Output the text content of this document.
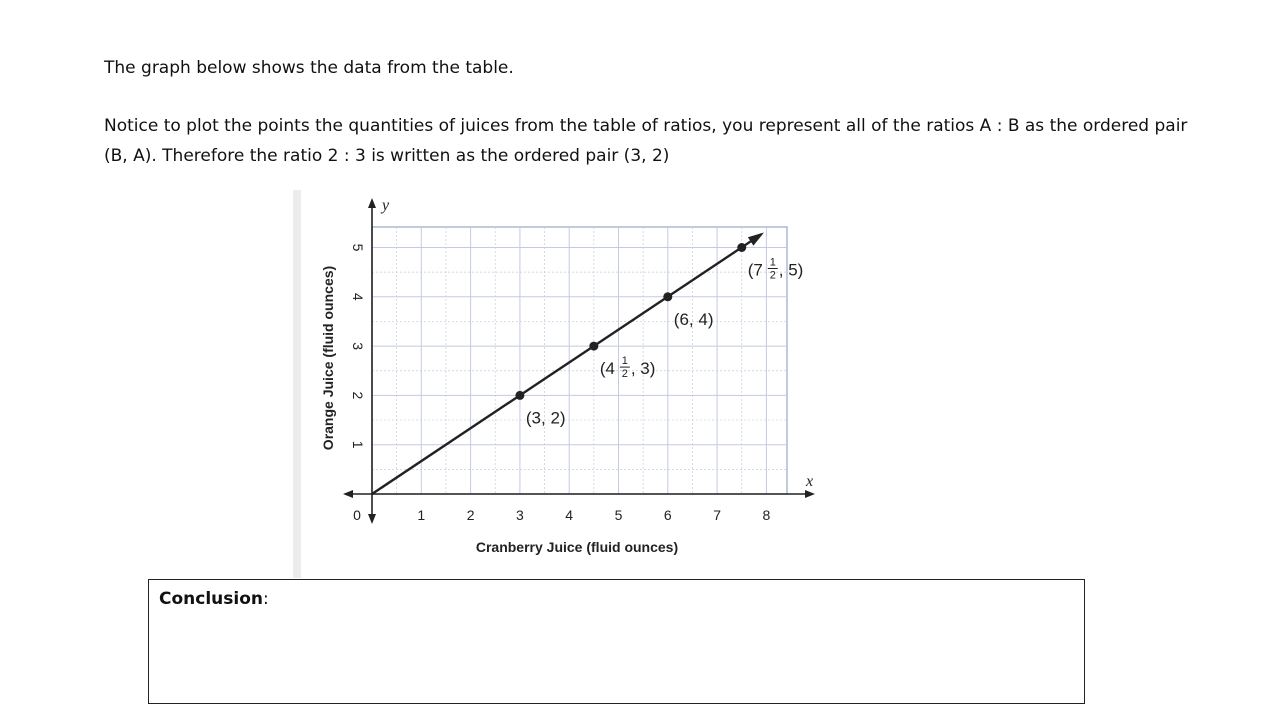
The graph below shows the data from the table.

Notice to plot the points the quantities of juices from the table of ratios, you represent all of the ratios A : B as the ordered pair (B, A). Therefore the ratio 2 : 3 is written as the ordered pair (3, 2)

0	1	2	3	4	5	6	7	8
1
2
3
4
5
(3, 2)
(4 1
2 , 3)
(6, 4)
(7 1
2 , 5)
x
y
Cranberry Juice (fluid ounces)
Orange Juice (fluid ounces)
Conclusion:
